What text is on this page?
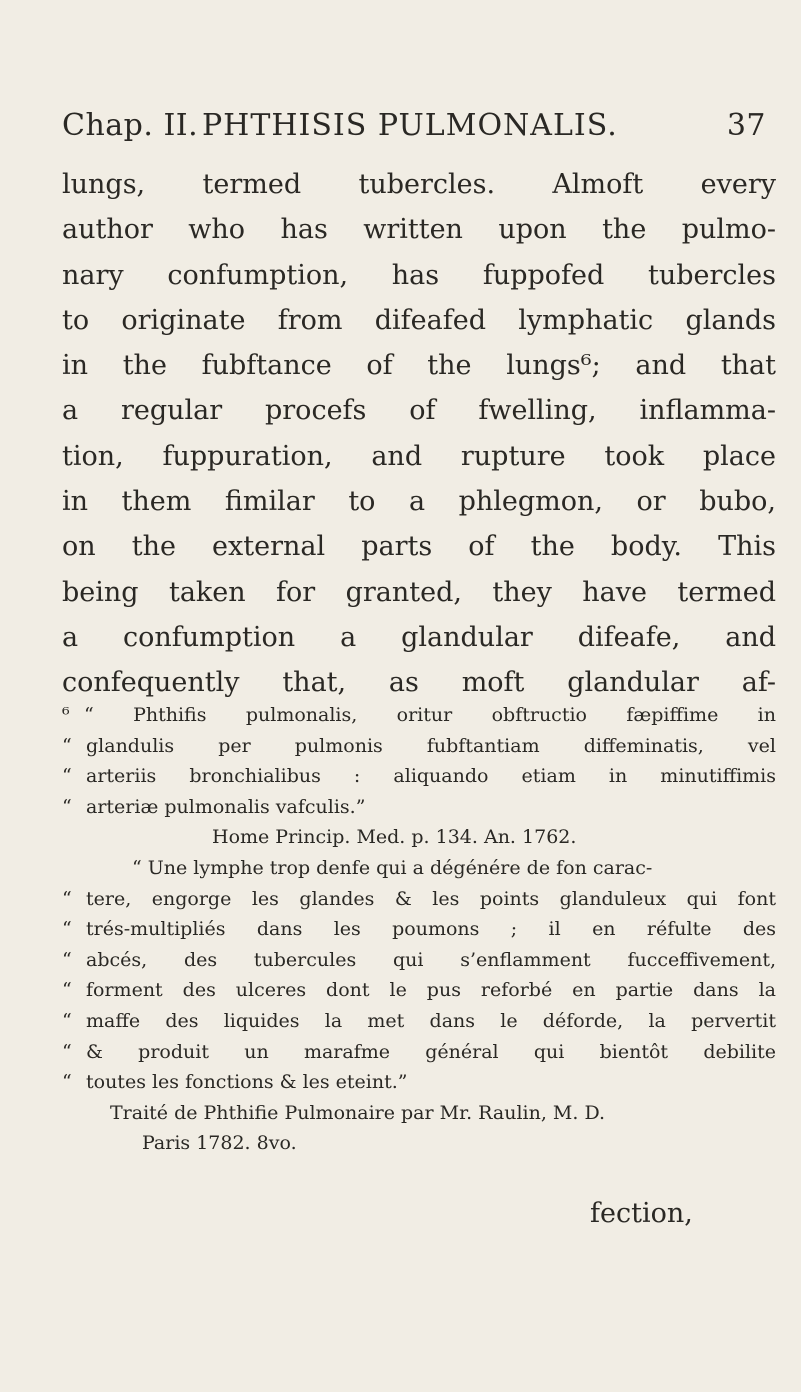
Chap. II. PHTHISIS PULMONALIS.	37
lungs, termed tubercles. Almoft every
author who has written upon the pulmo-
nary confumption, has fuppofed tubercles
to originate from difeafed lymphatic glands
in the fubftance of the lungs⁶; and that
a regular procefs of fwelling, inflamma-
tion, fuppuration, and rupture took place
in them fimilar to a phlegmon, or bubo,
on the external parts of the body. This
being taken for granted, they have termed
a confumption a glandular difeafe, and
confequently that, as moft glandular af-
⁶ “ Phthifis pulmonalis, oritur obftructio fæpiffime in
“ glandulis per pulmonis fubftantiam diffeminatis, vel
“ arteriis bronchialibus : aliquando etiam in minutiffimis
“ arteriæ pulmonalis vafculis.”
Home Princip. Med. p. 134. An. 1762.
“ Une lymphe trop denfe qui a dégénére de fon carac-
“ tere, engorge les glandes & les points glanduleux qui font
“ trés-multipliés dans les poumons ; il en réfulte des
“ abcés, des tubercules qui s’enflamment fucceffivement,
“ forment des ulceres dont le pus reforbé en partie dans la
“ maffe des liquides la met dans le déforde, la pervertit
“ & produit un marafme général qui bientôt debilite
“ toutes les fonctions & les eteint.”
Traité de Phthifie Pulmonaire par Mr. Raulin, M. D.
Paris 1782. 8vo.
fection,
